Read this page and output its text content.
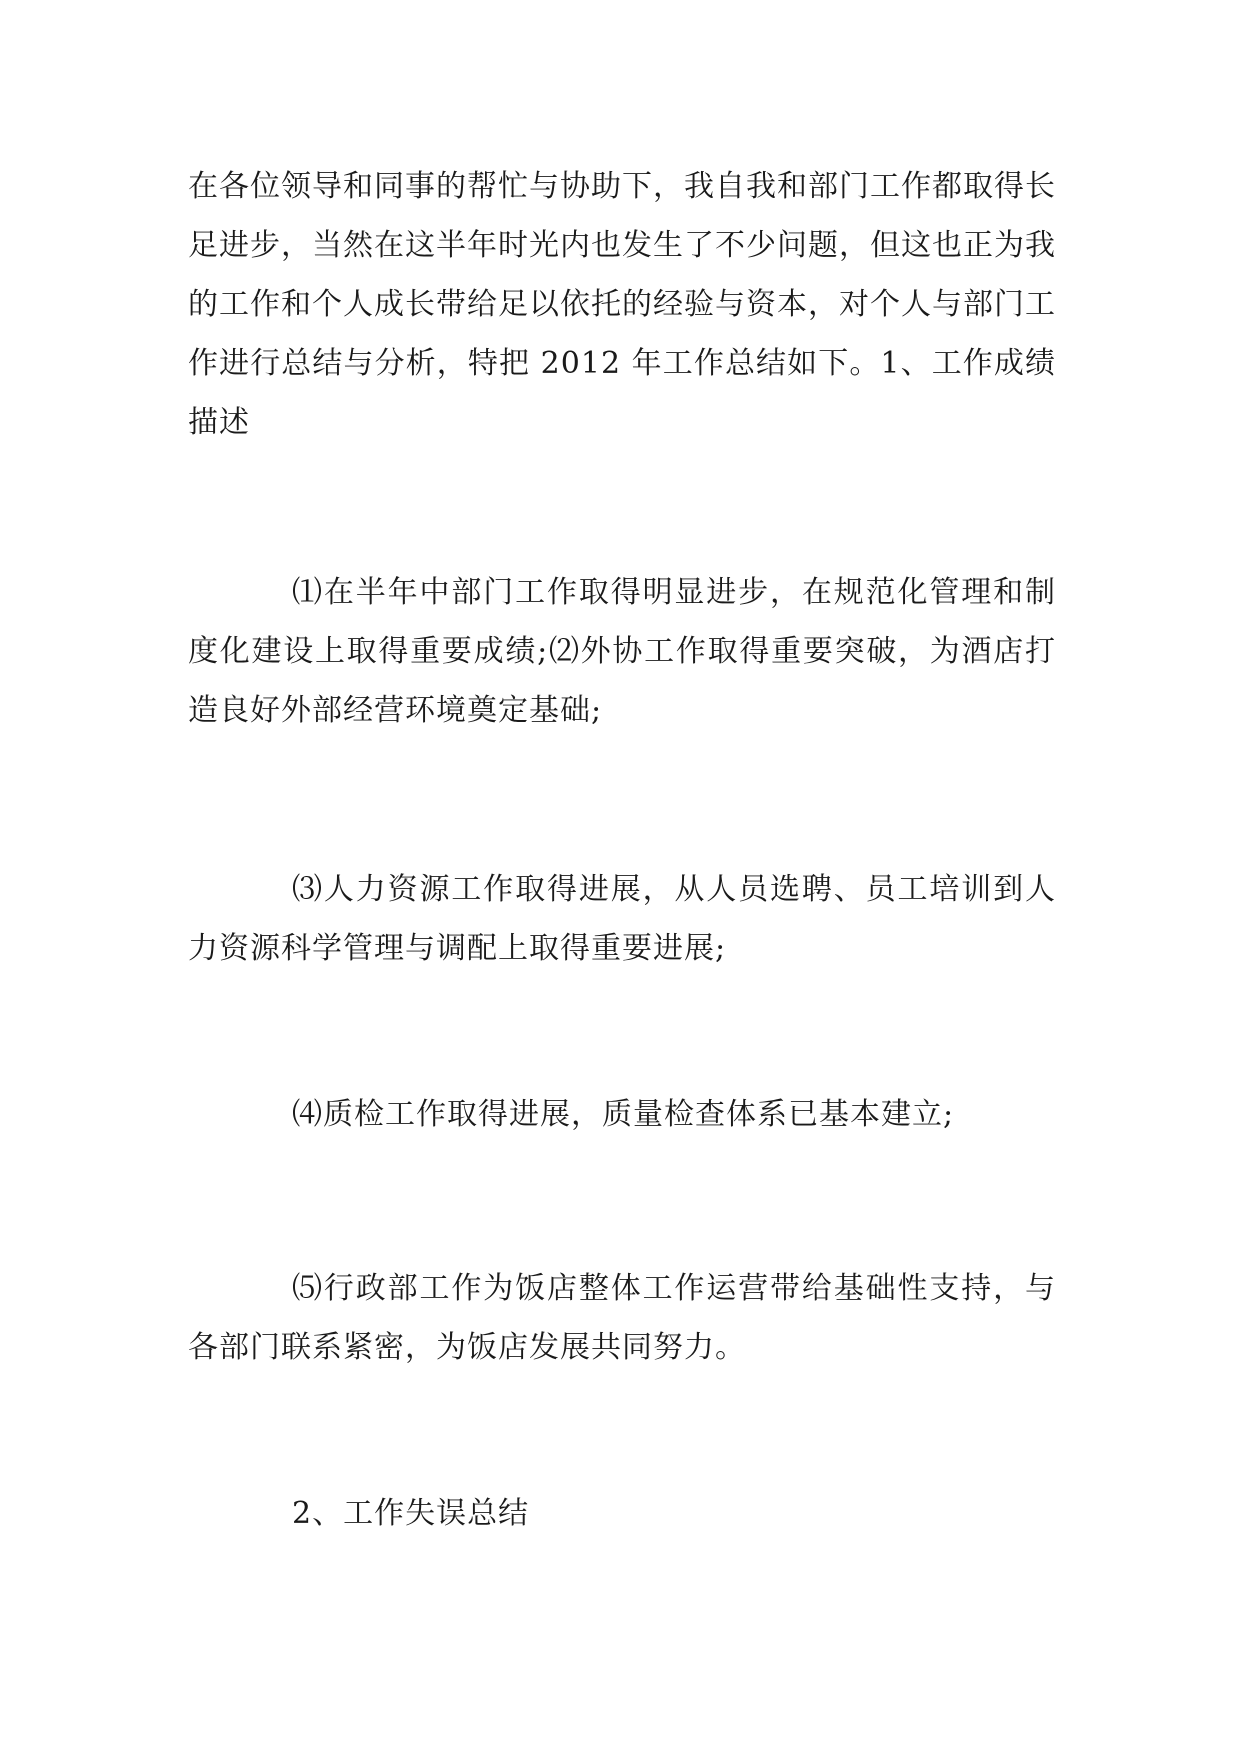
在各位领导和同事的帮忙与协助下，我自我和部门工作都取得长足进步，当然在这半年时光内也发生了不少问题，但这也正为我的工作和个人成长带给足以依托的经验与资本，对个人与部门工作进行总结与分析，特把 2012 年工作总结如下。1、工作成绩描述

⑴在半年中部门工作取得明显进步，在规范化管理和制度化建设上取得重要成绩;⑵外协工作取得重要突破，为酒店打造良好外部经营环境奠定基础;

⑶人力资源工作取得进展，从人员选聘、员工培训到人力资源科学管理与调配上取得重要进展;

⑷质检工作取得进展，质量检查体系已基本建立;

⑸行政部工作为饭店整体工作运营带给基础性支持，与各部门联系紧密，为饭店发展共同努力。

2、工作失误总结
